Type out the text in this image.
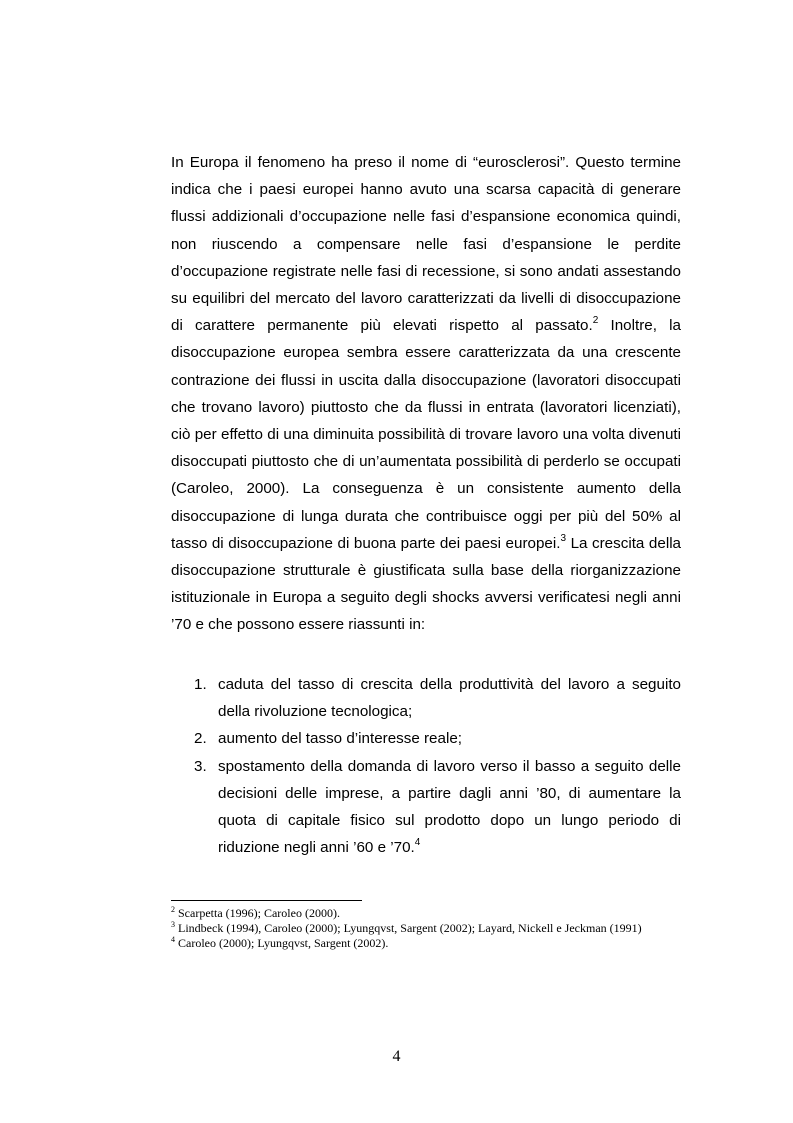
In Europa il fenomeno ha preso il nome di “eurosclerosi”. Questo termine indica che i paesi europei hanno avuto una scarsa capacità di generare flussi addizionali d’occupazione nelle fasi d’espansione economica quindi, non riuscendo a compensare nelle fasi d’espansione le perdite d’occupazione registrate nelle fasi di recessione, si sono andati assestando su equilibri del mercato del lavoro caratterizzati da livelli di disoccupazione di carattere permanente più elevati rispetto al passato.$^2$ Inoltre, la disoccupazione europea sembra essere caratterizzata da una crescente contrazione dei flussi in uscita dalla disoccupazione (lavoratori disoccupati che trovano lavoro) piuttosto che da flussi in entrata (lavoratori licenziati), ciò per effetto di una diminuita possibilità di trovare lavoro una volta divenuti disoccupati piuttosto che di un’aumentata possibilità di perderlo se occupati (Caroleo, 2000). La conseguenza è un consistente aumento della disoccupazione di lunga durata che contribuisce oggi per più del 50% al tasso di disoccupazione di buona parte dei paesi europei.$^3$ La crescita della disoccupazione strutturale è giustificata sulla base della riorganizzazione istituzionale in Europa a seguito degli shocks avversi verificatesi negli anni ’70 e che possono essere riassunti in:

1. caduta del tasso di crescita della produttività del lavoro a seguito della rivoluzione tecnologica;
2. aumento del tasso d’interesse reale;
3. spostamento della domanda di lavoro verso il basso a seguito delle decisioni delle imprese, a partire dagli anni ’80, di aumentare la quota di capitale fisico sul prodotto dopo un lungo periodo di riduzione negli anni ’60 e ’70.$^4$

$^2$ Scarpetta (1996); Caroleo (2000).

$^3$ Lindbeck (1994), Caroleo (2000); Lyungqvst, Sargent (2002); Layard, Nickell e Jeckman (1991)

$^4$ Caroleo (2000); Lyungqvst, Sargent (2002).

4
